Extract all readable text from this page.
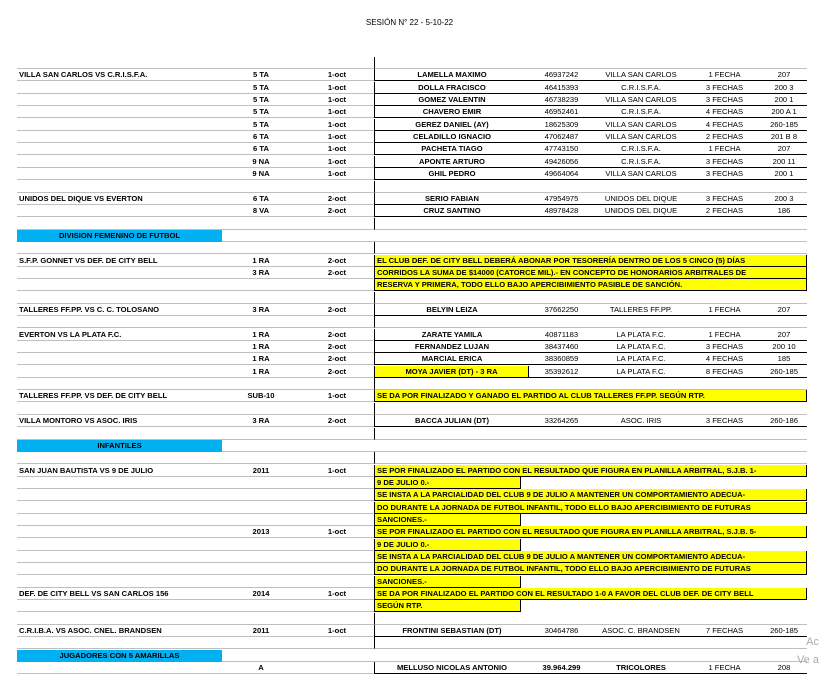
SESIÓN N° 22 - 5-10-22
VILLA SAN CARLOS VS C.R.I.S.F.A.	5 TA	1-oct	LAMELLA MAXIMO	46937242	VILLA SAN CARLOS	1 FECHA	207
5 TA	1-oct	DOLLA FRACISCO	46415393	C.R.I.S.F.A.	3 FECHAS	200 3
5 TA	1-oct	GOMEZ VALENTIN	46738239	VILLA SAN CARLOS	3 FECHAS	200 1
5 TA	1-oct	CHAVERO EMIR	46952461	C.R.I.S.F.A.	4 FECHAS	200 A 1
5 TA	1-oct	GEREZ DANIEL (AY)	18625309	VILLA SAN CARLOS	4 FECHAS	260-185
6 TA	1-oct	CELADILLO IGNACIO	47062487	VILLA SAN CARLOS	2 FECHAS	201 B 8
6 TA	1-oct	PACHETA TIAGO	47743150	C.R.I.S.F.A.	1 FECHA	207
9 NA	1-oct	APONTE ARTURO	49426056	C.R.I.S.F.A.	3 FECHAS	200 11
9 NA	1-oct	GHIL PEDRO	49664064	VILLA SAN CARLOS	3 FECHAS	200 1
UNIDOS DEL DIQUE VS EVERTON	6 TA	2-oct	SERIO FABIAN	47954975	UNIDOS DEL DIQUE	3 FECHAS	200 3
8 VA	2-oct	CRUZ SANTINO	48978428	UNIDOS DEL DIQUE	2 FECHAS	186
DIVISION FEMENINO DE FUTBOL
S.F.P. GONNET VS DEF. DE CITY BELL	1 RA	2-oct	EL CLUB DEF. DE CITY BELL DEBERÁ ABONAR POR TESORERÍA DENTRO DE LOS 5 CINCO (5) DÍAS
3 RA	2-oct	CORRIDOS LA SUMA DE $14000 (CATORCE MIL).- EN CONCEPTO DE HONORARIOS ARBITRALES DE
RESERVA Y PRIMERA, TODO ELLO BAJO APERCIBIMIENTO PASIBLE DE SANCIÓN.
TALLERES FF.PP. VS C. C. TOLOSANO	3 RA	2-oct	BELYIN LEIZA	37662250	TALLERES FF.PP.	1 FECHA	207
EVERTON VS LA PLATA F.C.	1 RA	2-oct	ZARATE YAMILA	40871183	LA PLATA F.C.	1 FECHA	207
1 RA	2-oct	FERNANDEZ LUJAN	38437460	LA PLATA F.C.	3 FECHAS	200 10
1 RA	2-oct	MARCIAL ERICA	38360859	LA PLATA F.C.	4 FECHAS	185
1 RA	2-oct	MOYA JAVIER (DT) - 3 RA	35392612	LA PLATA F.C.	8 FECHAS	260-185
TALLERES FF.PP. VS DEF. DE CITY BELL	SUB-10	1-oct	SE DA POR FINALIZADO Y GANADO EL PARTIDO AL CLUB TALLERES FF.PP. SEGÚN RTP.
VILLA MONTORO VS ASOC. IRIS	3 RA	2-oct	BACCA JULIAN (DT)	33264265	ASOC. IRIS	3 FECHAS	260-186
INFANTILES
SAN JUAN BAUTISTA VS 9 DE JULIO	2011	1-oct	SE POR FINALIZADO EL PARTIDO CON EL RESULTADO QUE FIGURA EN PLANILLA ARBITRAL, S.J.B. 1-
9 DE JULIO 0.-
SE INSTA A LA PARCIALIDAD DEL CLUB 9 DE JULIO A MANTENER UN COMPORTAMIENTO ADECUA-
DO DURANTE LA JORNADA DE FUTBOL INFANTIL, TODO ELLO BAJO APERCIBIMIENTO DE FUTURAS
SANCIONES.-
2013	1-oct	SE POR FINALIZADO EL PARTIDO CON EL RESULTADO QUE FIGURA EN PLANILLA ARBITRAL, S.J.B. 5-
9 DE JULIO 0.-
SE INSTA A LA PARCIALIDAD DEL CLUB 9 DE JULIO A MANTENER UN COMPORTAMIENTO ADECUA-
DO DURANTE LA JORNADA DE FUTBOL INFANTIL, TODO ELLO BAJO APERCIBIMIENTO DE FUTURAS
SANCIONES.-
DEF. DE CITY BELL VS SAN CARLOS 156	2014	1-oct	SE DA POR FINALIZADO EL PARTIDO CON EL RESULTADO 1-0 A FAVOR DEL CLUB DEF. DE CITY BELL
SEGÚN RTP.
C.R.I.B.A. VS ASOC. CNEL. BRANDSEN	2011	1-oct	FRONTINI SEBASTIAN (DT)	30464786	ASOC. C. BRANDSEN	7 FECHAS	260-185
JUGADORES CON 5 AMARILLAS
A	MELLUSO NICOLAS ANTONIO	39.964.299	TRICOLORES	1 FECHA	208
Ac
Ve a
